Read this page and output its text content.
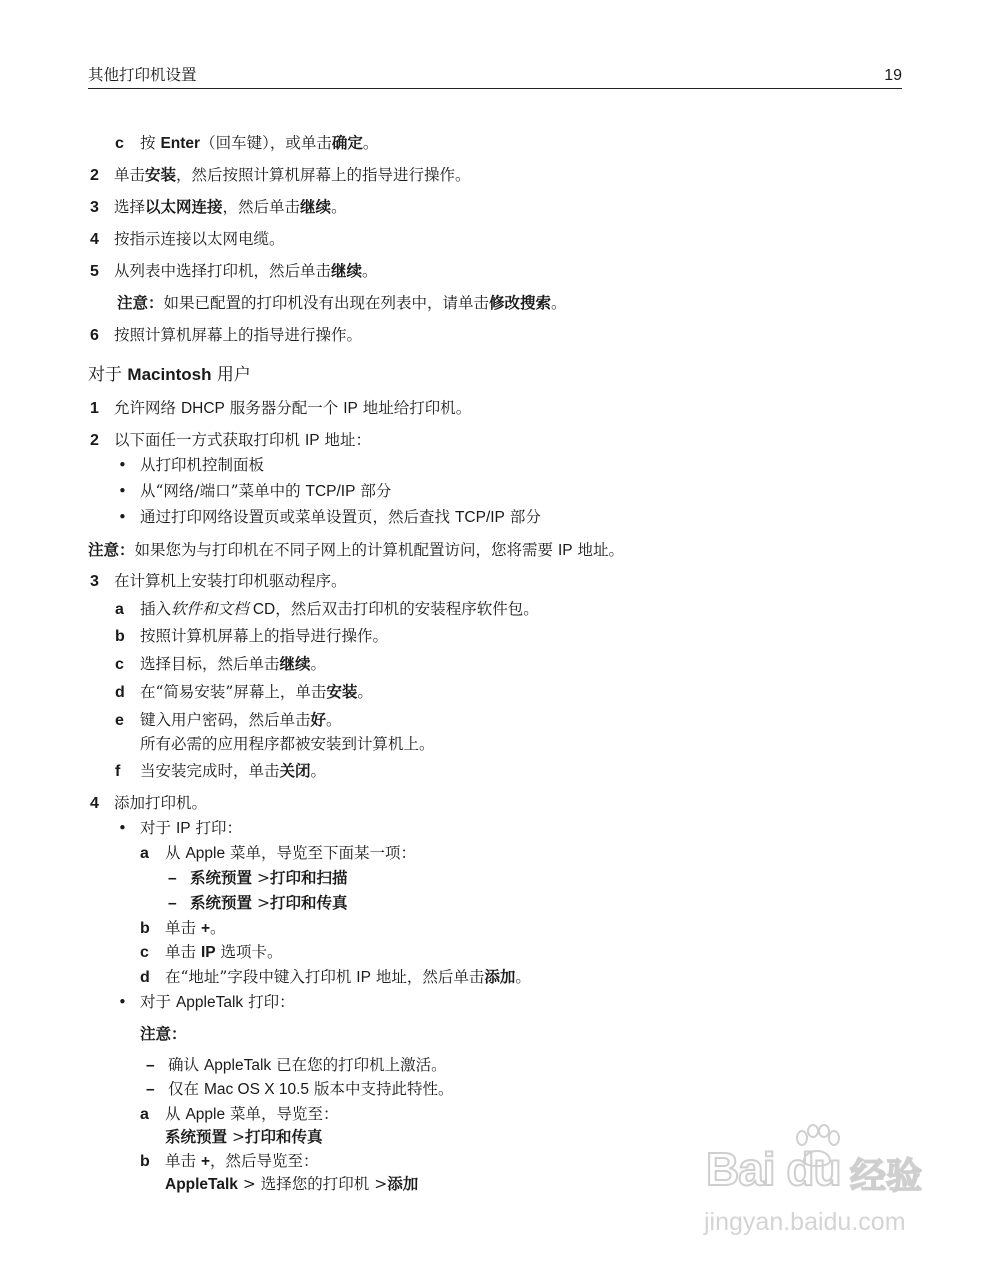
其他打印机设置	19
c 按 Enter（回车键），或单击确定。
2 单击安装，然后按照计算机屏幕上的指导进行操作。
3 选择以太网连接，然后单击继续。
4 按指示连接以太网电缆。
5 从列表中选择打印机，然后单击继续。
注意：如果已配置的打印机没有出现在列表中，请单击修改搜索。
6 按照计算机屏幕上的指导进行操作。
对于 Macintosh 用户
1 允许网络 DHCP 服务器分配一个 IP 地址给打印机。
2 以下面任一方式获取打印机 IP 地址：
• 从打印机控制面板
• 从“网络/端口”菜单中的 TCP/IP 部分
• 通过打印网络设置页或菜单设置页，然后查找 TCP/IP 部分
注意：如果您为与打印机在不同子网上的计算机配置访问，您将需要 IP 地址。
3 在计算机上安装打印机驱动程序。
a 插入软件和文档 CD，然后双击打印机的安装程序软件包。
b 按照计算机屏幕上的指导进行操作。
c 选择目标，然后单击继续。
d 在“简易安装”屏幕上，单击安装。
e 键入用户密码，然后单击好。
所有必需的应用程序都被安装到计算机上。
f 当安装完成时，单击关闭。
4 添加打印机。
• 对于 IP 打印：
a 从 Apple 菜单，导览至下面某一项：
– 系统预置 >打印和扫描
– 系统预置 >打印和传真
b 单击 +。
c 单击 IP 选项卡。
d 在“地址”字段中键入打印机 IP 地址，然后单击添加。
• 对于 AppleTalk 打印：
注意：
– 确认 AppleTalk 已在您的打印机上激活。
– 仅在 Mac OS X 10.5 版本中支持此特性。
a 从 Apple 菜单，导览至：
系统预置 >打印和传真
b 单击 +，然后导览至：
AppleTalk > 选择您的打印机 >添加	Bai du 经验
jingyan.baidu.com
